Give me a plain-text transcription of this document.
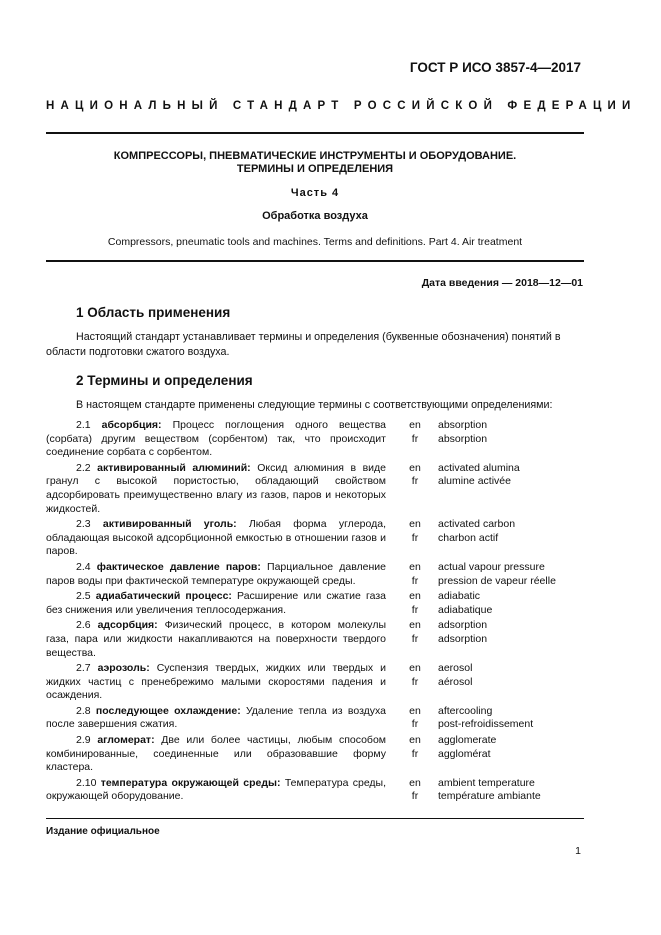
ГОСТ Р ИСО 3857-4—2017
НАЦИОНАЛЬНЫЙ СТАНДАРТ РОССИЙСКОЙ ФЕДЕРАЦИИ
КОМПРЕССОРЫ, ПНЕВМАТИЧЕСКИЕ ИНСТРУМЕНТЫ И ОБОРУДОВАНИЕ.
ТЕРМИНЫ И ОПРЕДЕЛЕНИЯ
Часть 4
Обработка воздуха
Compressors, pneumatic tools and machines. Terms and definitions. Part 4. Air treatment
Дата введения — 2018—12—01
1 Область применения
Настоящий стандарт устанавливает термины и определения (буквенные обозначения) понятий в области подготовки сжатого воздуха.
2 Термины и определения
В настоящем стандарте применены следующие термины с соответствующими определениями:
2.1 абсорбция: Процесс поглощения одного вещества (сорбата) другим веществом (сорбентом) так, что происходит соединение сорбата с сорбентом.
en
fr
absorption
absorption
2.2 активированный алюминий: Оксид алюминия в виде гранул с высокой пористостью, обладающий свойством адсорбировать преимущественно влагу из газов, паров и некоторых жидкостей.
en
fr
activated alumina
alumine activée
2.3 активированный уголь: Любая форма углерода, обладающая высокой адсорбционной емкостью в отношении газов и паров.
en
fr
activated carbon
charbon actif
2.4 фактическое давление паров: Парциальное давление паров воды при фактической температуре окружающей среды.
en
fr
actual vapour pressure
pression de vapeur réelle
2.5 адиабатический процесс: Расширение или сжатие газа без снижения или увеличения теплосодержания.
en
fr
adiabatic
adiabatique
2.6 адсорбция: Физический процесс, в котором молекулы газа, пара или жидкости накапливаются на поверхности твердого вещества.
en
fr
adsorption
adsorption
2.7 аэрозоль: Суспензия твердых, жидких или твердых и жидких частиц с пренебрежимо малыми скоростями падения и осаждения.
en
fr
aerosol
aérosol
2.8 последующее охлаждение: Удаление тепла из воздуха после завершения сжатия.
en
fr
aftercooling
post-refroidissement
2.9 агломерат: Две или более частицы, любым способом комбинированные, соединенные или образовавшие форму кластера.
en
fr
agglomerate
agglomérat
2.10 температура окружающей среды: Температура среды, окружающей оборудование.
en
fr
ambient temperature
température ambiante
Издание официальное
1
